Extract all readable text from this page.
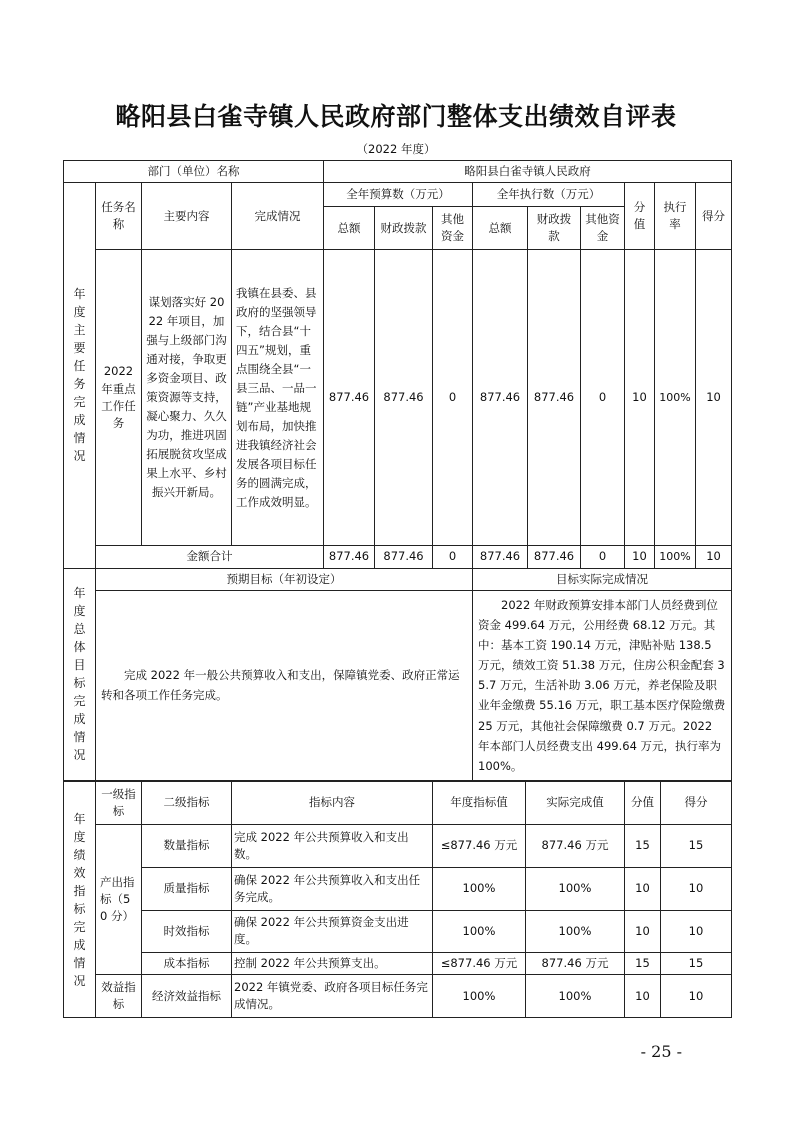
略阳县白雀寺镇人民政府部门整体支出绩效自评表
（2022 年度）
部门（单位）名称				略阳县白雀寺镇人民政府								

年度主要任务完成情况	任务名称	主要内容	完成情况	全年预算数（万元）			全年执行数（万元）			分值	执行率	得分
				总额	财政拨款	其他资金	总额	财政拨款	其他资金			
	2022 年重点工作任务	谋划落实好 2022 年项目，加强与上级部门沟通对接，争取更多资金项目、政策资源等支持，凝心聚力、久久为功，推进巩固拓展脱贫攻坚成果上水平、乡村振兴开新局。	我镇在县委、县政府的坚强领导下，结合县“十四五”规划，重点围绕全县“一县三品、一品一链”产业基地规划布局，加快推进我镇经济社会发展各项目标任务的圆满完成，工作成效明显。	877.46	877.46	0	877.46	877.46	0	10	100%	10
	金额合计			877.46	877.46	0	877.46	877.46	0	10	100%	10

年度总体目标完成情况	预期目标（年初设定）						目标实际完成情况					
	完成 2022 年一般公共预算收入和支出，保障镇党委、政府正常运转和各项工作任务完成。						2022 年财政预算安排本部门人员经费到位资金 499.64 万元，公用经费 68.12 万元。其中：基本工资 190.14 万元，津贴补贴 138.5 万元，绩效工资 51.38 万元，住房公积金配套 35.7 万元，生活补助 3.06 万元，养老保险及职业年金缴费 55.16 万元，职工基本医疗保险缴费 25 万元，其他社会保障缴费 0.7 万元。2022 年本部门人员经费支出 499.64 万元，执行率为 100%。					
年度绩效指标完成情况	一级指标	二级指标	指标内容	年度指标值	实际完成值	分值	得分
	产出指标（50 分）	数量指标	完成 2022 年公共预算收入和支出数。	≤877.46 万元	877.46 万元	15	15
		质量指标	确保 2022 年公共预算收入和支出任务完成。	100%	100%	10	10
		时效指标	确保 2022 年公共预算资金支出进度。	100%	100%	10	10
		成本指标	控制 2022 年公共预算支出。	≤877.46 万元	877.46 万元	15	15
	效益指标	经济效益指标	2022 年镇党委、政府各项目标任务完成情况。	100%	100%	10	10
- 25 -
